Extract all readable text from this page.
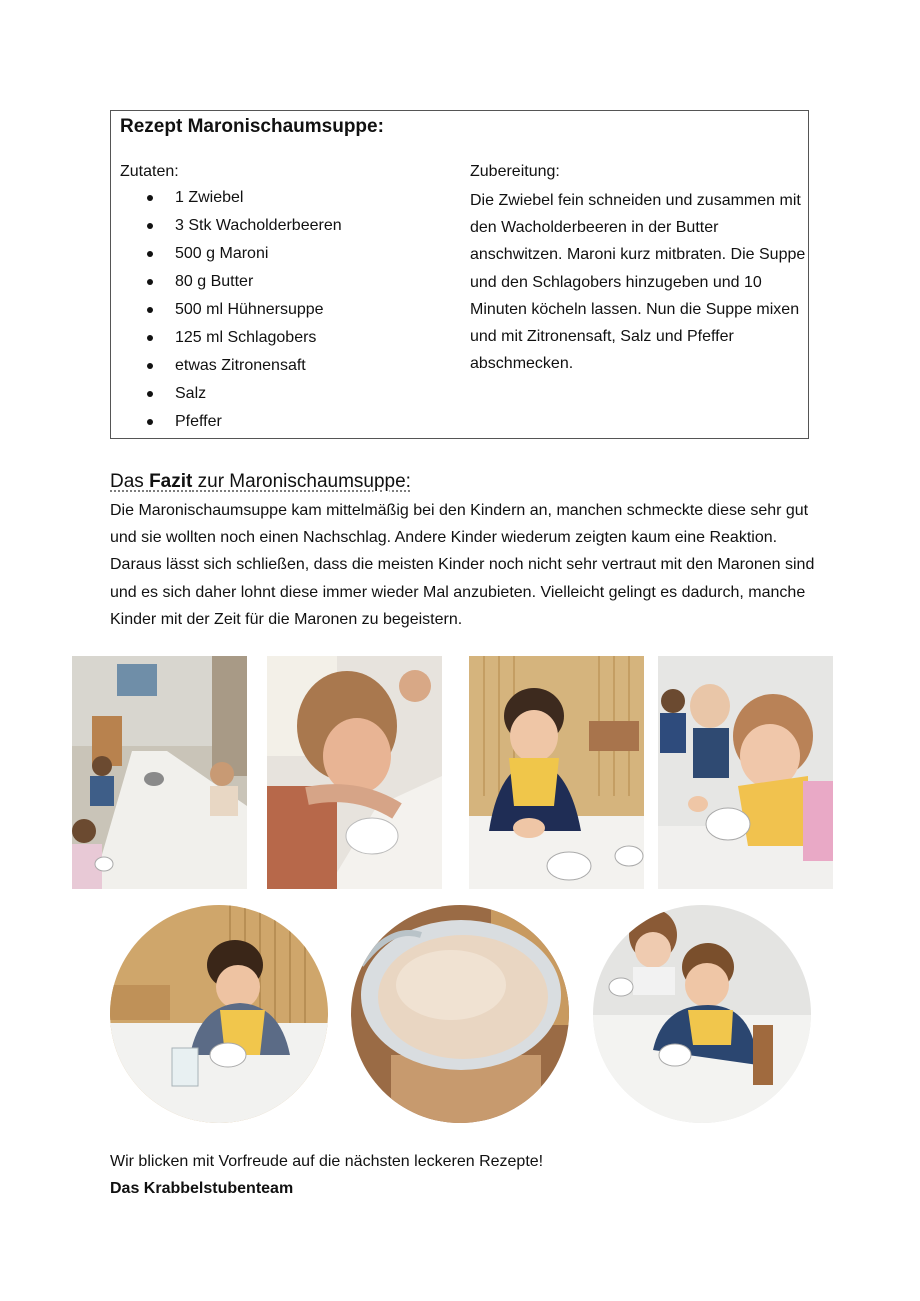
Rezept Maronischaumsuppe:

Zutaten:

1 Zwiebel
3 Stk Wacholderbeeren
500 g Maroni
80 g Butter
500 ml Hühnersuppe
125 ml Schlagobers
etwas Zitronensaft
Salz
Pfeffer

Zubereitung:

Die Zwiebel fein schneiden und zusammen mit den Wacholderbeeren in der Butter anschwitzen. Maroni kurz mitbraten. Die Suppe und den Schlagobers hinzugeben und 10 Minuten köcheln lassen. Nun die Suppe mixen und mit Zitronensaft, Salz und Pfeffer abschmecken.

Das Fazit zur Maronischaumsuppe:

Die Maronischaumsuppe kam mittelmäßig bei den Kindern an, manchen schmeckte diese sehr gut und sie wollten noch einen Nachschlag. Andere Kinder wiederum zeigten kaum eine Reaktion. Daraus lässt sich schließen, dass die meisten Kinder noch nicht sehr vertraut mit den Maronen sind und es sich daher lohnt diese immer wieder Mal anzubieten. Vielleicht gelingt es dadurch, manche Kinder mit der Zeit für die Maronen zu begeistern.

Wir blicken mit Vorfreude auf die nächsten leckeren Rezepte!

Das Krabbelstubenteam
